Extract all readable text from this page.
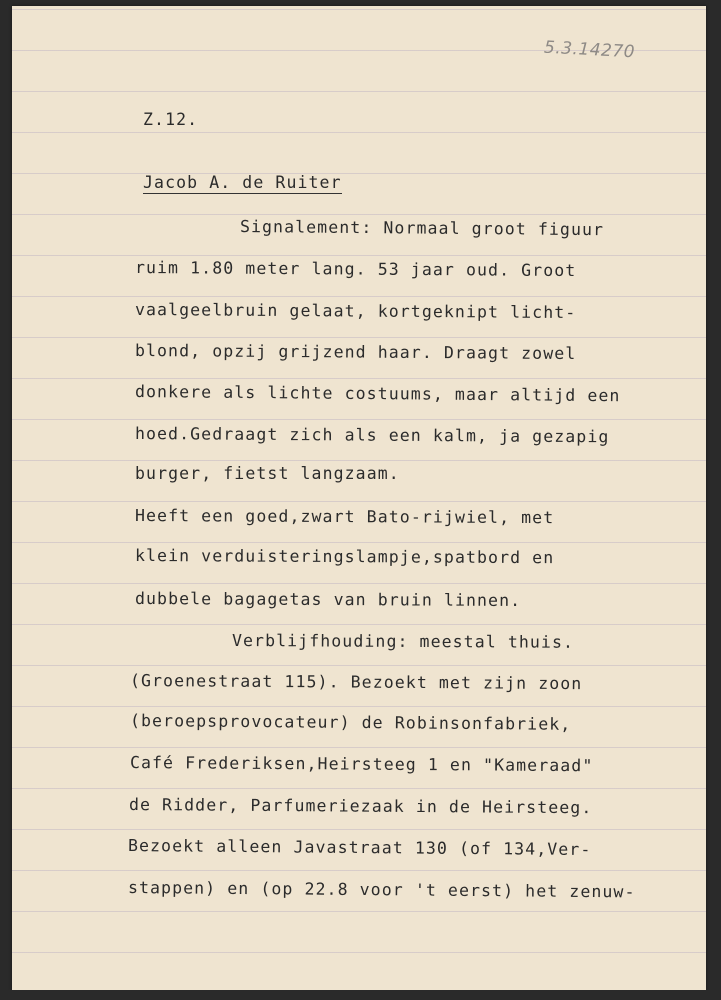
5.3.14270
Z.12.
Jacob A. de Ruiter
Signalement: Normaal groot figuur
ruim 1.80 meter lang. 53 jaar oud. Groot
vaalgeelbruin gelaat, kortgeknipt licht-
blond, opzij grijzend haar. Draagt zowel
donkere als lichte costuums, maar altijd een
hoed.Gedraagt zich als een kalm, ja gezapig
burger, fietst langzaam.
Heeft een goed,zwart Bato-rijwiel, met
klein verduisteringslampje,spatbord en
dubbele bagagetas van bruin linnen.
Verblijfhouding: meestal thuis.
(Groenestraat 115). Bezoekt met zijn zoon
(beroepsprovocateur) de Robinsonfabriek,
Café Frederiksen,Heirsteeg 1 en "Kameraad"
de Ridder, Parfumeriezaak in de Heirsteeg.
Bezoekt alleen Javastraat 130 (of 134,Ver-
stappen) en (op 22.8 voor 't eerst) het zenuw-
